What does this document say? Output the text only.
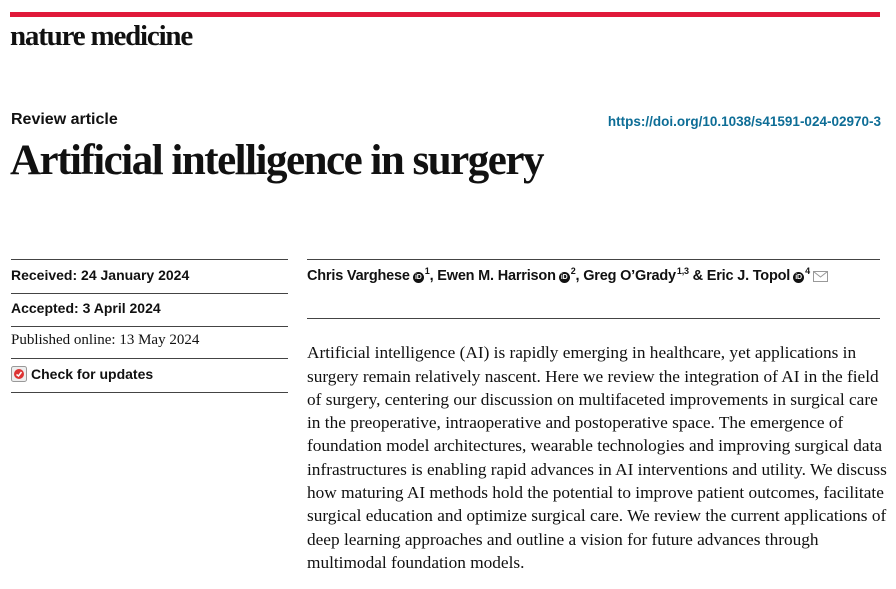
nature medicine
Review article	https://doi.org/10.1038/s41591-024-02970-3
Artificial intelligence in surgery
Received: 24 January 2024
Accepted: 3 April 2024
Published online: 13 May 2024
Check for updates
Chris Varghese iD$^1$, Ewen M. Harrison iD$^2$, Greg O’Grady$^{1,3}$ & Eric J. Topol iD$^4$

Artificial intelligence (AI) is rapidly emerging in healthcare, yet applications in surgery remain relatively nascent. Here we review the integration of AI in the field of surgery, centering our discussion on multifaceted improvements in surgical care in the preoperative, intraoperative and postoperative space. The emergence of foundation model architectures, wearable technologies and improving surgical data infrastructures is enabling rapid advances in AI interventions and utility. We discuss how maturing AI methods hold the potential to improve patient outcomes, facilitate surgical education and optimize surgical care. We review the current applications of deep learning approaches and outline a vision for future advances through multimodal foundation models.
